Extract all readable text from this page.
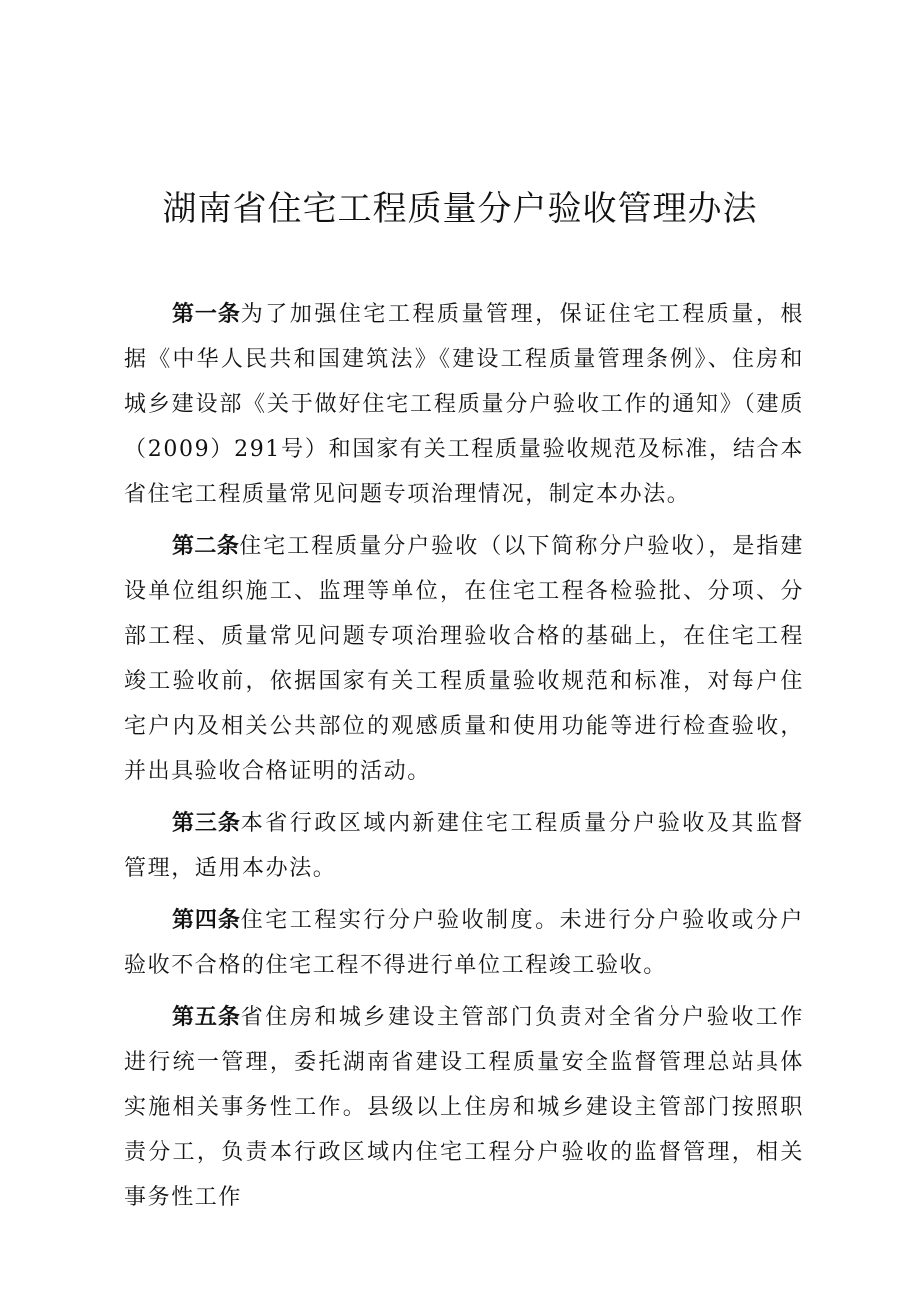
湖南省住宅工程质量分户验收管理办法

第一条为了加强住宅工程质量管理，保证住宅工程质量，根据《中华人民共和国建筑法》《建设工程质量管理条例》、住房和城乡建设部《关于做好住宅工程质量分户验收工作的通知》（建质（2009）291号）和国家有关工程质量验收规范及标准，结合本省住宅工程质量常见问题专项治理情况，制定本办法。

第二条住宅工程质量分户验收（以下简称分户验收），是指建设单位组织施工、监理等单位，在住宅工程各检验批、分项、分部工程、质量常见问题专项治理验收合格的基础上，在住宅工程竣工验收前，依据国家有关工程质量验收规范和标准，对每户住宅户内及相关公共部位的观感质量和使用功能等进行检查验收，并出具验收合格证明的活动。

第三条本省行政区域内新建住宅工程质量分户验收及其监督管理，适用本办法。

第四条住宅工程实行分户验收制度。未进行分户验收或分户验收不合格的住宅工程不得进行单位工程竣工验收。

第五条省住房和城乡建设主管部门负责对全省分户验收工作进行统一管理，委托湖南省建设工程质量安全监督管理总站具体实施相关事务性工作。县级以上住房和城乡建设主管部门按照职责分工，负责本行政区域内住宅工程分户验收的监督管理，相关事务性工作
